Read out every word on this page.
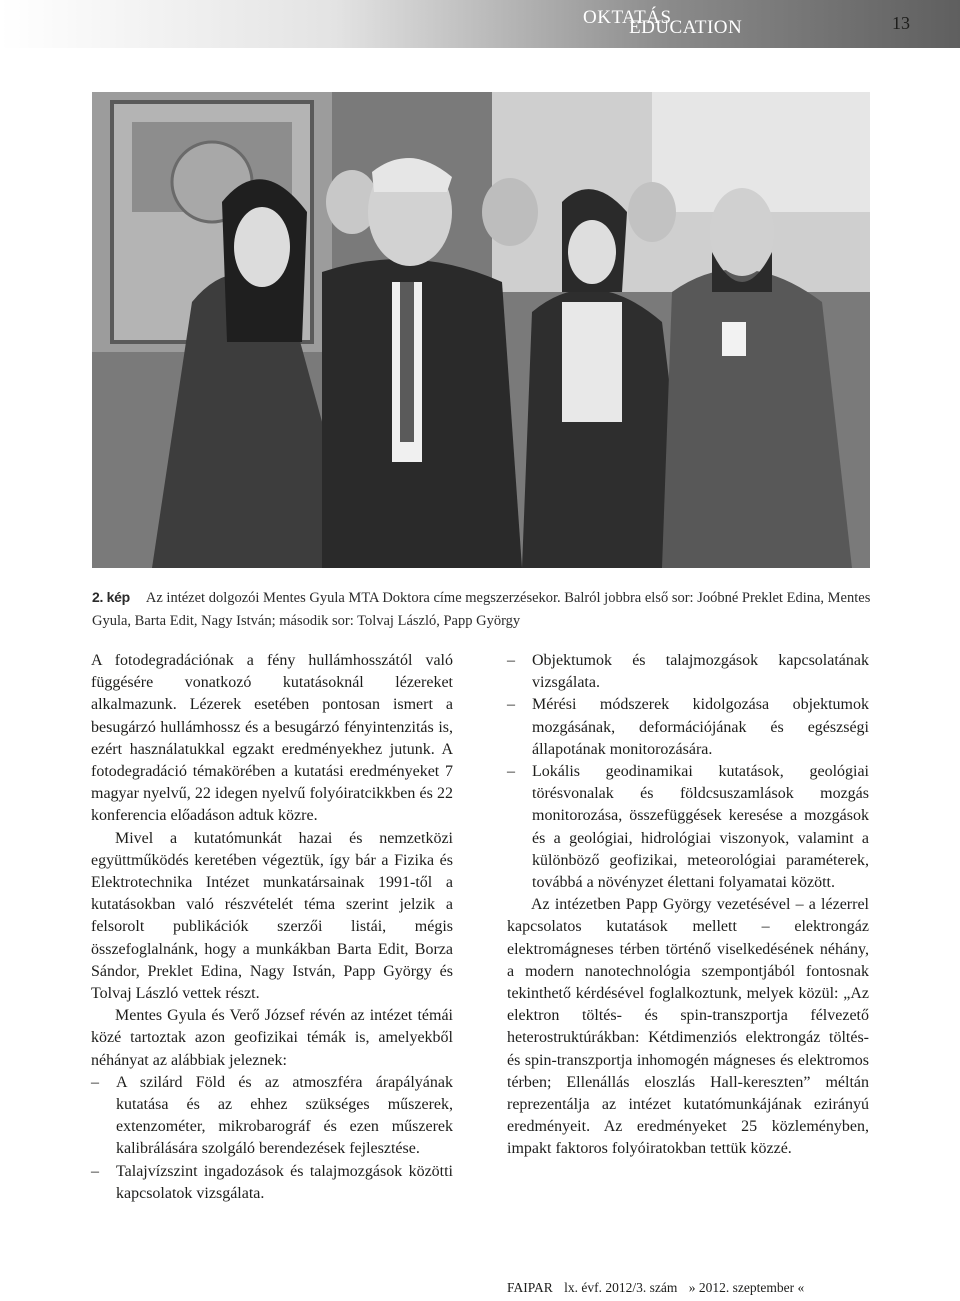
OKTATÁS
EDUCATION	13
2. kép Az intézet dolgozói Mentes Gyula MTA Doktora címe megszerzésekor. Balról jobbra első sor: Joóbné Preklet Edina, Mentes Gyula, Barta Edit, Nagy István; második sor: Tolvaj László, Papp György

A fotodegradációnak a fény hullámhosszától való függésére vonatkozó kutatásoknál lézereket alkalmazunk. Lézerek esetében pontosan ismert a besugárzó hullámhossz és a besugárzó fényintenzitás is, ezért használatukkal egzakt eredményekhez jutunk. A fotodegradáció témakörében a kutatási eredményeket 7 magyar nyelvű, 22 idegen nyelvű folyóiratcikkben és 22 konferencia előadáson adtuk közre.

Mivel a kutatómunkát hazai és nemzetközi együttműködés keretében végeztük, így bár a Fizika és Elektrotechnika Intézet munkatársainak 1991-től a kutatásokban való részvételét téma szerint jelzik a felsorolt publikációk szerzői listái, mégis összefoglalnánk, hogy a munkákban Barta Edit, Borza Sándor, Preklet Edina, Nagy István, Papp György és Tolvaj László vettek részt.

Mentes Gyula és Verő József révén az intézet témái közé tartoztak azon geofizikai témák is, amelyekből néhányat az alábbiak jeleznek:

– A szilárd Föld és az atmoszféra árapályának kutatása és az ehhez szükséges műszerek, extenzométer, mikrobarográf és ezen műszerek kalibrálására szolgáló berendezések fejlesztése.
– Talajvízszint ingadozások és talajmozgások közötti kapcsolatok vizsgálata.
– Objektumok és talajmozgások kapcsolatának vizsgálata.
– Mérési módszerek kidolgozása objektumok mozgásának, deformációjának és egészségi állapotának monitorozására.
– Lokális geodinamikai kutatások, geológiai törésvonalak és földcsuszamlások mozgás monitorozása, összefüggések keresése a mozgások és a geológiai, hidrológiai viszonyok, valamint a különböző geofizikai, meteorológiai paraméterek, továbbá a növényzet élettani folyamatai között.

Az intézetben Papp György vezetésével – a lézerrel kapcsolatos kutatások mellett – elektrongáz elektromágneses térben történő viselkedésének néhány, a modern nanotechnológia szempontjából fontosnak tekinthető kérdésével foglalkoztunk, melyek közül: „Az elektron töltés- és spin-transzportja félvezető heterostruktúrákban: Kétdimenziós elektrongáz töltés- és spin-transzportja inhomogén mágneses és elektromos térben; Ellenállás eloszlás Hall-kereszten” méltán reprezentálja az intézet kutatómunkájának ezirányú eredményeit. Az eredményeket 25 közleményben, impakt faktoros folyóiratokban tettük közzé.

FAIPAR lx. évf. 2012/3. szám » 2012. szeptember «
